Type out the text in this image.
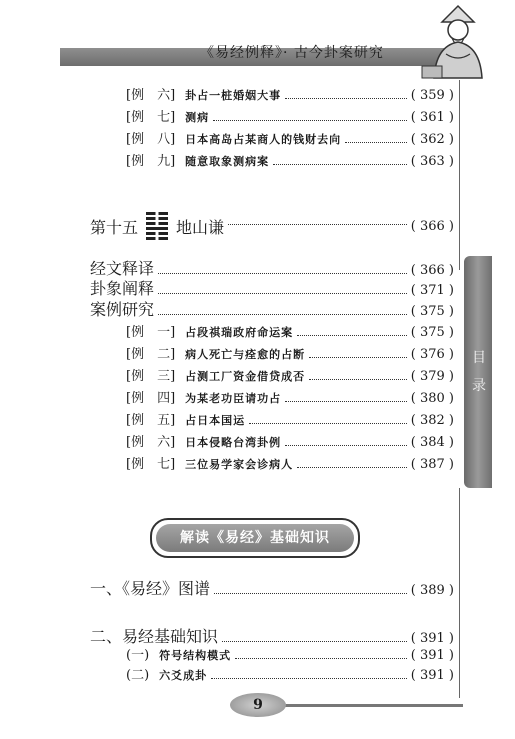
《易经例释》· 古今卦案研究
目
录
[例　六] 卦占一桩婚姻大事	( 359 )
[例　七] 测病	( 361 )
[例　八] 日本高岛占某商人的钱财去向	( 362 )
[例　九] 随意取象测病案	( 363 )
第十五 地山谦	( 366 )
经文释译	( 366 )
卦象阐释	( 371 )
案例研究	( 375 )
[例　一] 占段祺瑞政府命运案	( 375 )
[例　二] 病人死亡与痊愈的占断	( 376 )
[例　三] 占测工厂资金借贷成否	( 379 )
[例　四] 为某老功臣请功占	( 380 )
[例　五] 占日本国运	( 382 )
[例　六] 日本侵略台湾卦例	( 384 )
[例　七] 三位易学家会诊病人	( 387 )
解读《易经》基础知识
一、《易经》图谱	( 389 )
二、易经基础知识	( 391 )
(一) 符号结构模式	( 391 )
(二) 六爻成卦	( 391 )
9
